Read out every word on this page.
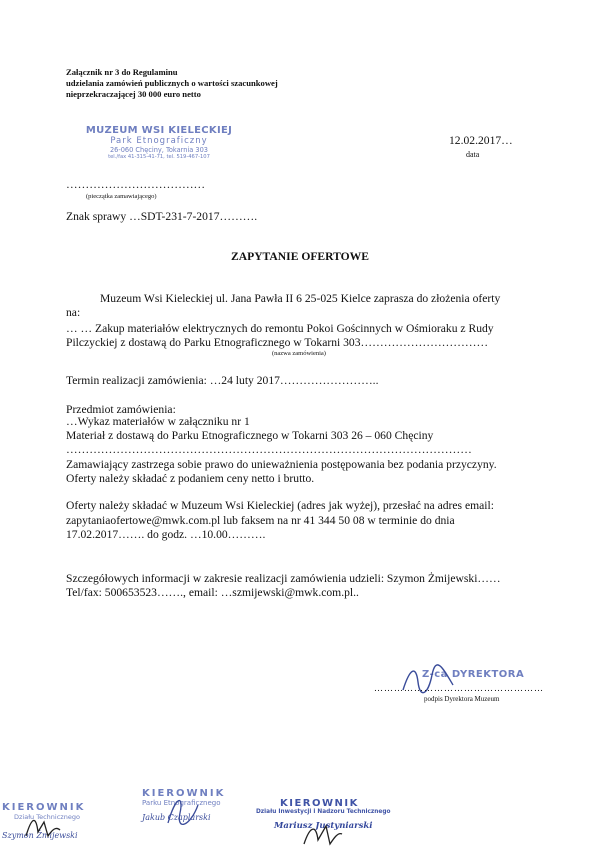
Załącznik nr 3 do Regulaminu
udzielania zamówień publicznych o wartości szacunkowej
nieprzekraczającej 30 000 euro netto
MUZEUM WSI KIELECKIEJ
Park Etnograficzny
26-060 Chęciny, Tokarnia 303
tel./fax 41-315-41-71, tel. 519-467-107
………………………………
(pieczątka zamawiającego)
12.02.2017…
data
Znak sprawy …SDT-231-7-2017……….
ZAPYTANIE OFERTOWE
Muzeum Wsi Kieleckiej ul. Jana Pawła II 6 25-025 Kielce zaprasza do złożenia oferty
na:
… … Zakup materiałów elektrycznych do remontu Pokoi Gościnnych w Ośmioraku z Rudy
Pilczyckiej z dostawą do Parku Etnograficznego w Tokarni 303……………………………
(nazwa zamówienia)
Termin realizacji zamówienia: …24 luty 2017……………………..
Przedmiot zamówienia:
…Wykaz materiałów w załączniku nr 1
Materiał z dostawą do Parku Etnograficznego w Tokarni 303 26 – 060 Chęciny
……………………………………………………………………………………………
Zamawiający zastrzega sobie prawo do unieważnienia postępowania bez podania przyczyny.
Oferty należy składać z podaniem ceny netto i brutto.
Oferty należy składać w Muzeum Wsi Kieleckiej (adres jak wyżej), przesłać na adres email:
zapytaniaofertowe@mwk.com.pl lub faksem na nr 41 344 50 08 w terminie do dnia
17.02.2017……. do godz. …10.00……….
Szczegółowych informacji w zakresie realizacji zamówienia udzieli: Szymon Żmijewski……
Tel/fax: 500653523……., email: …szmijewski@mwk.com.pl..
Z-ca DYREKTORA
……………………………………………
podpis Dyrektora Muzeum
KIEROWNIK
Działu Technicznego
Szymon Żmijewski
KIEROWNIK
Parku Etnograficznego
Jakub Czaplarski
KIEROWNIK
Działu Inwestycji i Nadzoru Technicznego
Mariusz Justyniarski
